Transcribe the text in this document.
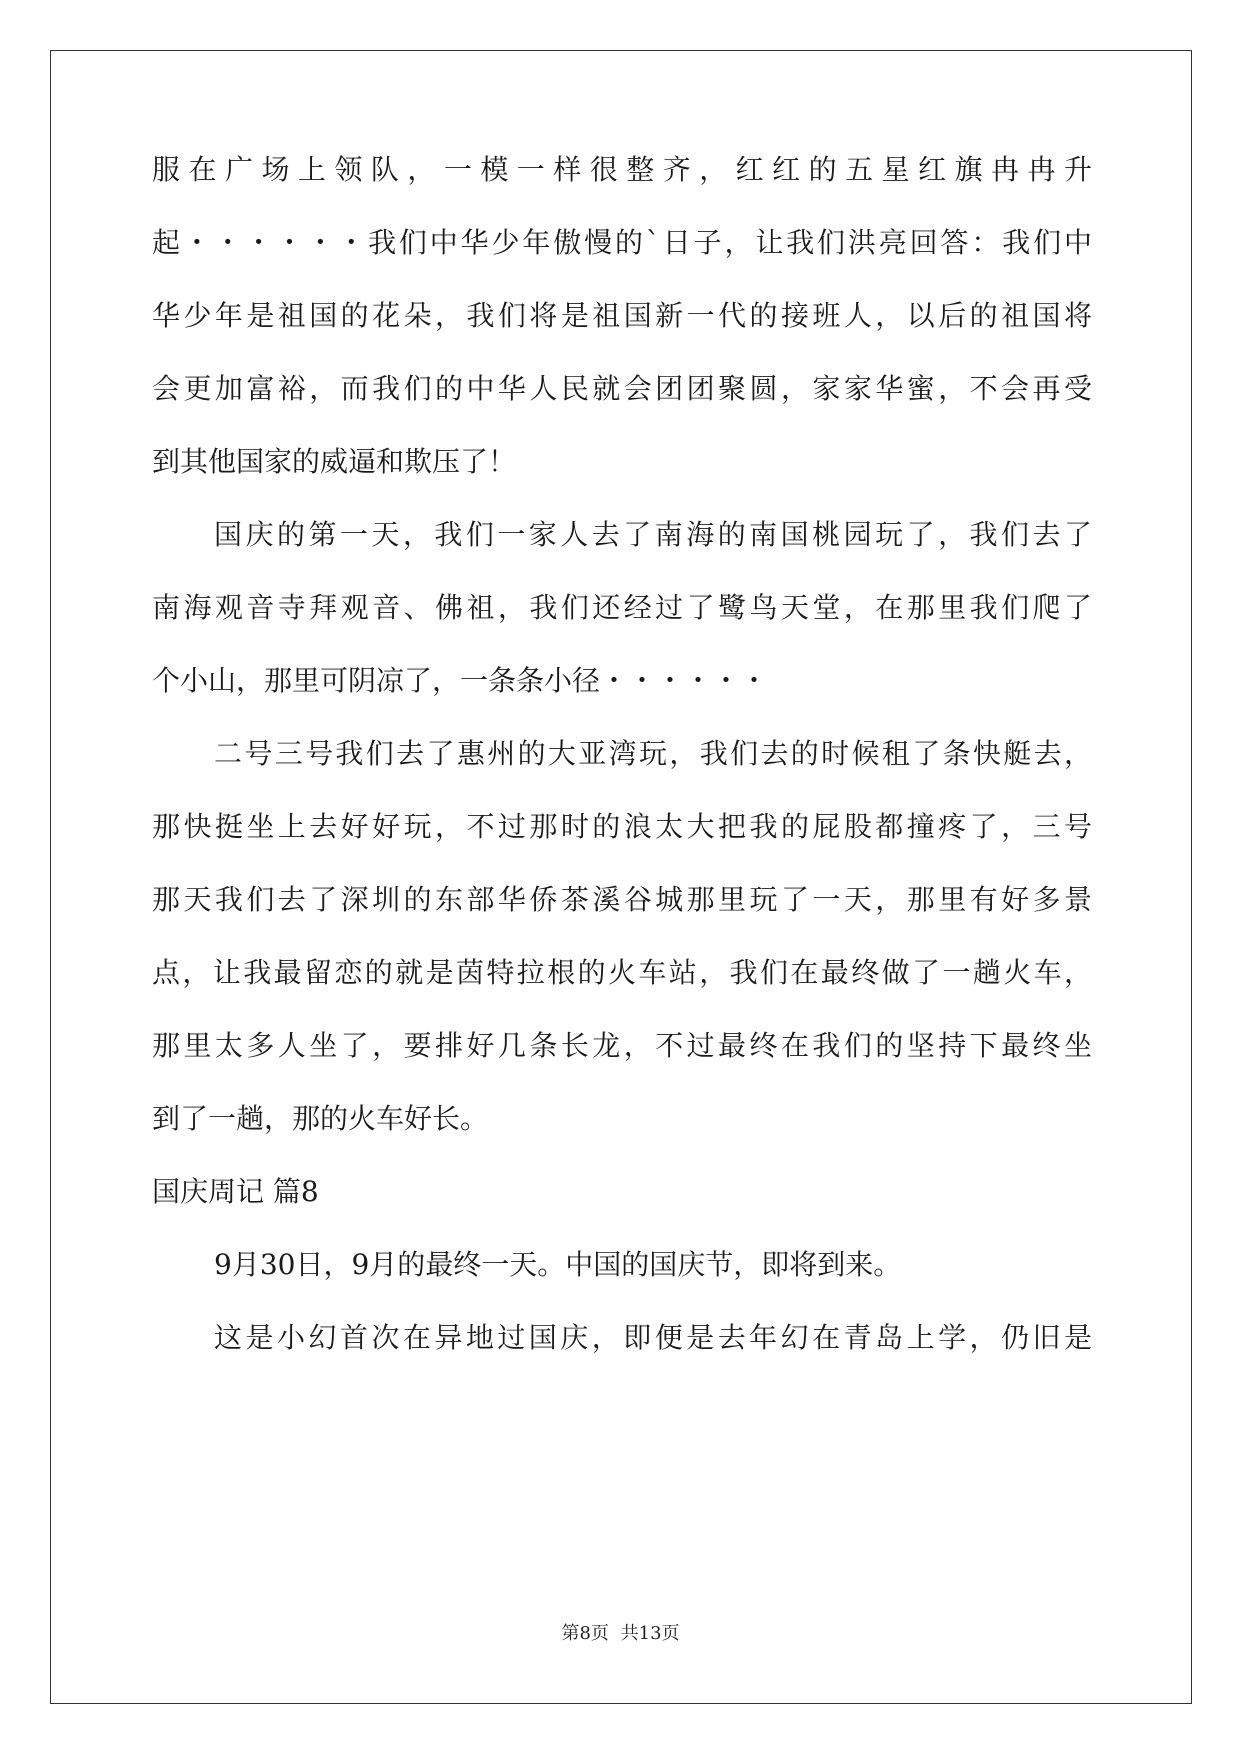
服在广场上领队，一模一样很整齐，红红的五星红旗冉冉升
起・・・・・・我们中华少年傲慢的`日子，让我们洪亮回答：我们中
华少年是祖国的花朵，我们将是祖国新一代的接班人，以后的祖国将
会更加富裕，而我们的中华人民就会团团聚圆，家家华蜜，不会再受
到其他国家的威逼和欺压了！
国庆的第一天，我们一家人去了南海的南国桃园玩了，我们去了
南海观音寺拜观音、佛祖，我们还经过了鹭鸟天堂，在那里我们爬了
个小山，那里可阴凉了，一条条小径・・・・・・
二号三号我们去了惠州的大亚湾玩，我们去的时候租了条快艇去，
那快挺坐上去好好玩，不过那时的浪太大把我的屁股都撞疼了，三号
那天我们去了深圳的东部华侨茶溪谷城那里玩了一天，那里有好多景
点，让我最留恋的就是茵特拉根的火车站，我们在最终做了一趟火车，
那里太多人坐了，要排好几条长龙，不过最终在我们的坚持下最终坐
到了一趟，那的火车好长。
国庆周记 篇8
9月30日，9月的最终一天。中国的国庆节，即将到来。
这是小幻首次在异地过国庆，即便是去年幻在青岛上学，仍旧是
第8页 共13页
